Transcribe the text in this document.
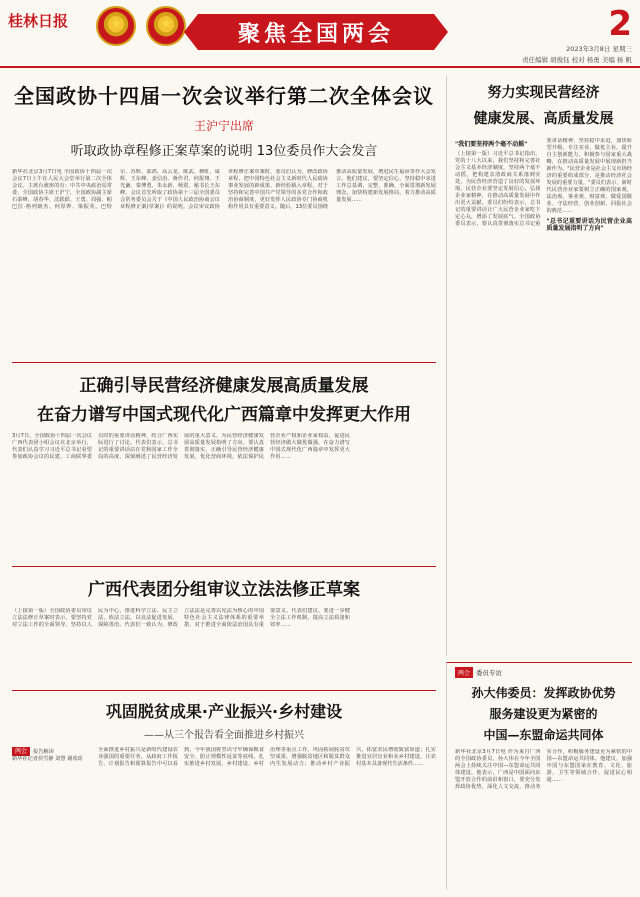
桂林日报	★	★	聚焦全国两会	2
2023年3月8日 星期三
责任编辑 胡俊钰 校对 杨勇 美编 杨 帆
全国政协十四届一次会议举行第二次全体会议
王沪宁出席
听取政协章程修正案草案的说明 13位委员作大会发言
新华社北京3月7日电 全国政协十四届一次会议7日上午在人民大会堂举行第二次全体会议。主席台就座的有：中共中央政治局常委、全国政协主席王沪宁，全国政协副主席石泰峰、胡春华、沈跃跃、王勇、周强、帕巴拉·格列朗杰、何厚铧、梁振英、巴特尔、苏辉、邵鸿、高云龙、陈武、穆虹、咸辉、王东峰、姜信治、蒋作君、何报翔、王光谦、秦博勇、朱永新、杨震，秘书长王东峰。会议首先听取了政协第十三届全国委员会常务委员会关于《中国人民政治协商会议章程修正案(草案)》的说明。会议审议政协章程修正案草案时，委员们认为，修改政协章程，把中国特色社会主义新时代人民政协事业发展的新成果、新经验载入章程，对于坚持和完善中国共产党领导的多党合作和政治协商制度，更好发挥人民政协专门协商机构作用具有重要意义。随后，13位委员围绕推动高质量发展、增进民生福祉等作大会发言。他们建议，要坚定信心，坚持稳中求进工作总基调，完整、准确、全面贯彻新发展理念，加快构建新发展格局，着力推动高质量发展……
努力实现民营经济
健康发展、高质量发展
"我们要坚持两个毫不动摇"
（上接第一版）习近平总书记指出，党的十八大以来，我们坚持和完善社会主义基本经济制度，坚持两个毫不动摇，把构建亲清政商关系落到实处，为民营经济营造了良好的发展环境。民营企业要坚定发展信心，弘扬企业家精神，在推动高质量发展中作出更大贡献。委员们纷纷表示，总书记的重要讲话让广大民营企业家吃下定心丸，增添了发展底气。全国政协委员表示，要认真贯彻落实总书记重要讲话精神，坚持稳中求进，加快转型升级，专注实业，做优主业，提升自主创新能力，积极参与国家重大战略，在推动高质量发展中展现新担当新作为。"民营企业是社会主义市场经济的重要组成部分，是推动经济社会发展的重要力量。"委员们表示，新时代民营企业家要树立正确的国家观、法治观、事业观、财富观，做爱国敬业、守法经营、创业创新、回报社会的典范……
"总书记重要讲话为民营企业高质量发展指明了方向"
正确引导民营经济健康发展高质量发展
在奋力谱写中国式现代化广西篇章中发挥更大作用
3月7日，全国政协十四届一次会议广西代表团小组会议在北京举行，代表们认真学习习近平总书记看望参加政协会议的民建、工商联界委员时的重要讲话精神，结合广西实际进行了讨论。代表们表示，总书记的重要讲话站在党和国家工作全局的高度，深刻阐述了民营经济发展的重大意义，为民营经济健康发展高质量发展指明了方向。要认真贯彻落实，正确引导民营经济健康发展，优化营商环境，依法保护民营企业产权和企业家权益，促进民营经济做大做优做强，在奋力谱写中国式现代化广西篇章中发挥更大作用……
广西代表团分组审议立法法修正草案
（上接第一版）全国政协委员审议立法法修正草案时表示，要坚持党对立法工作的全面领导，坚持以人民为中心，推进科学立法、民主立法、依法立法，以良法促进发展、保障善治。代表们一致认为，修改立法法是完善以宪法为核心的中国特色社会主义法律体系的重要举措，对于推进全面依法治国具有重要意义。代表们建议，要进一步健全立法工作机制，提高立法质量和效率……
巩固脱贫成果·产业振兴·乡村建设
——从三个报告看全面推进乡村振兴
两会 报告解读
新华社记者侯雪静 刘慧 谢希瑶
全面推进乡村振兴是新时代建设农业强国的重要任务。从政府工作报告、计划报告和预算报告中可以看到，今年我国将坚决守牢确保粮食安全、防止规模性返贫等底线，扎实推进乡村发展、乡村建设、乡村治理等重点工作。巩固拓展脱贫攻坚成果，增强脱贫地区和脱贫群众内生发展动力；推动乡村产业振兴，拓宽农民增收致富渠道；扎实推进宜居宜业和美乡村建设，让农村基本具备现代生活条件……
两会 委员专访
孙大伟委员：发挥政协优势
服务建设更为紧密的
中国—东盟命运共同体
新华社北京3月7日电 作为来自广西的全国政协委员，孙大伟在今年全国两会上持续关注中国—东盟命运共同体建设。他表示，广西是中国面向东盟开放合作的前沿和窗口，要充分发挥政协优势，深化人文交流，推动务实合作，积极服务建设更为紧密的中国—东盟命运共同体。他建议，加强中国与东盟国家在教育、文化、旅游、卫生等领域合作，促进民心相通……
